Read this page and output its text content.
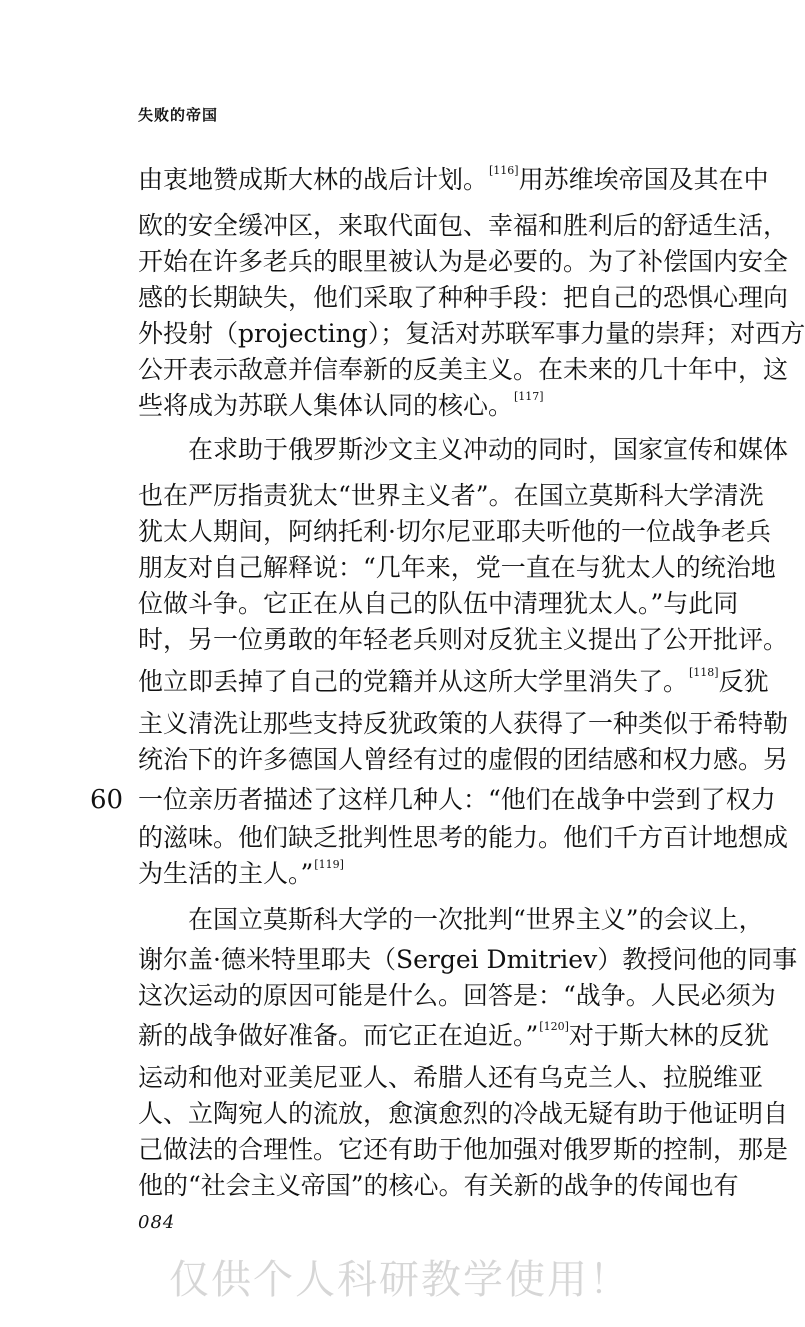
失败的帝国
由衷地赞成斯大林的战后计划。[116]用苏维埃帝国及其在中
欧的安全缓冲区，来取代面包、幸福和胜利后的舒适生活，
开始在许多老兵的眼里被认为是必要的。为了补偿国内安全
感的长期缺失，他们采取了种种手段：把自己的恐惧心理向
外投射（projecting）；复活对苏联军事力量的崇拜；对西方
公开表示敌意并信奉新的反美主义。在未来的几十年中，这
些将成为苏联人集体认同的核心。[117]
在求助于俄罗斯沙文主义冲动的同时，国家宣传和媒体
也在严厉指责犹太“世界主义者”。在国立莫斯科大学清洗
犹太人期间，阿纳托利·切尔尼亚耶夫听他的一位战争老兵
朋友对自己解释说：“几年来，党一直在与犹太人的统治地
位做斗争。它正在从自己的队伍中清理犹太人。”与此同
时，另一位勇敢的年轻老兵则对反犹主义提出了公开批评。
他立即丢掉了自己的党籍并从这所大学里消失了。[118]反犹
主义清洗让那些支持反犹政策的人获得了一种类似于希特勒
统治下的许多德国人曾经有过的虚假的团结感和权力感。另
一位亲历者描述了这样几种人：“他们在战争中尝到了权力
的滋味。他们缺乏批判性思考的能力。他们千方百计地想成
为生活的主人。”[119]
在国立莫斯科大学的一次批判“世界主义”的会议上，
谢尔盖·德米特里耶夫（Sergei Dmitriev）教授问他的同事
这次运动的原因可能是什么。回答是：“战争。人民必须为
新的战争做好准备。而它正在迫近。”[120]对于斯大林的反犹
运动和他对亚美尼亚人、希腊人还有乌克兰人、拉脱维亚
人、立陶宛人的流放，愈演愈烈的冷战无疑有助于他证明自
己做法的合理性。它还有助于他加强对俄罗斯的控制，那是
他的“社会主义帝国”的核心。有关新的战争的传闻也有
60
084
仅供个人科研教学使用！
